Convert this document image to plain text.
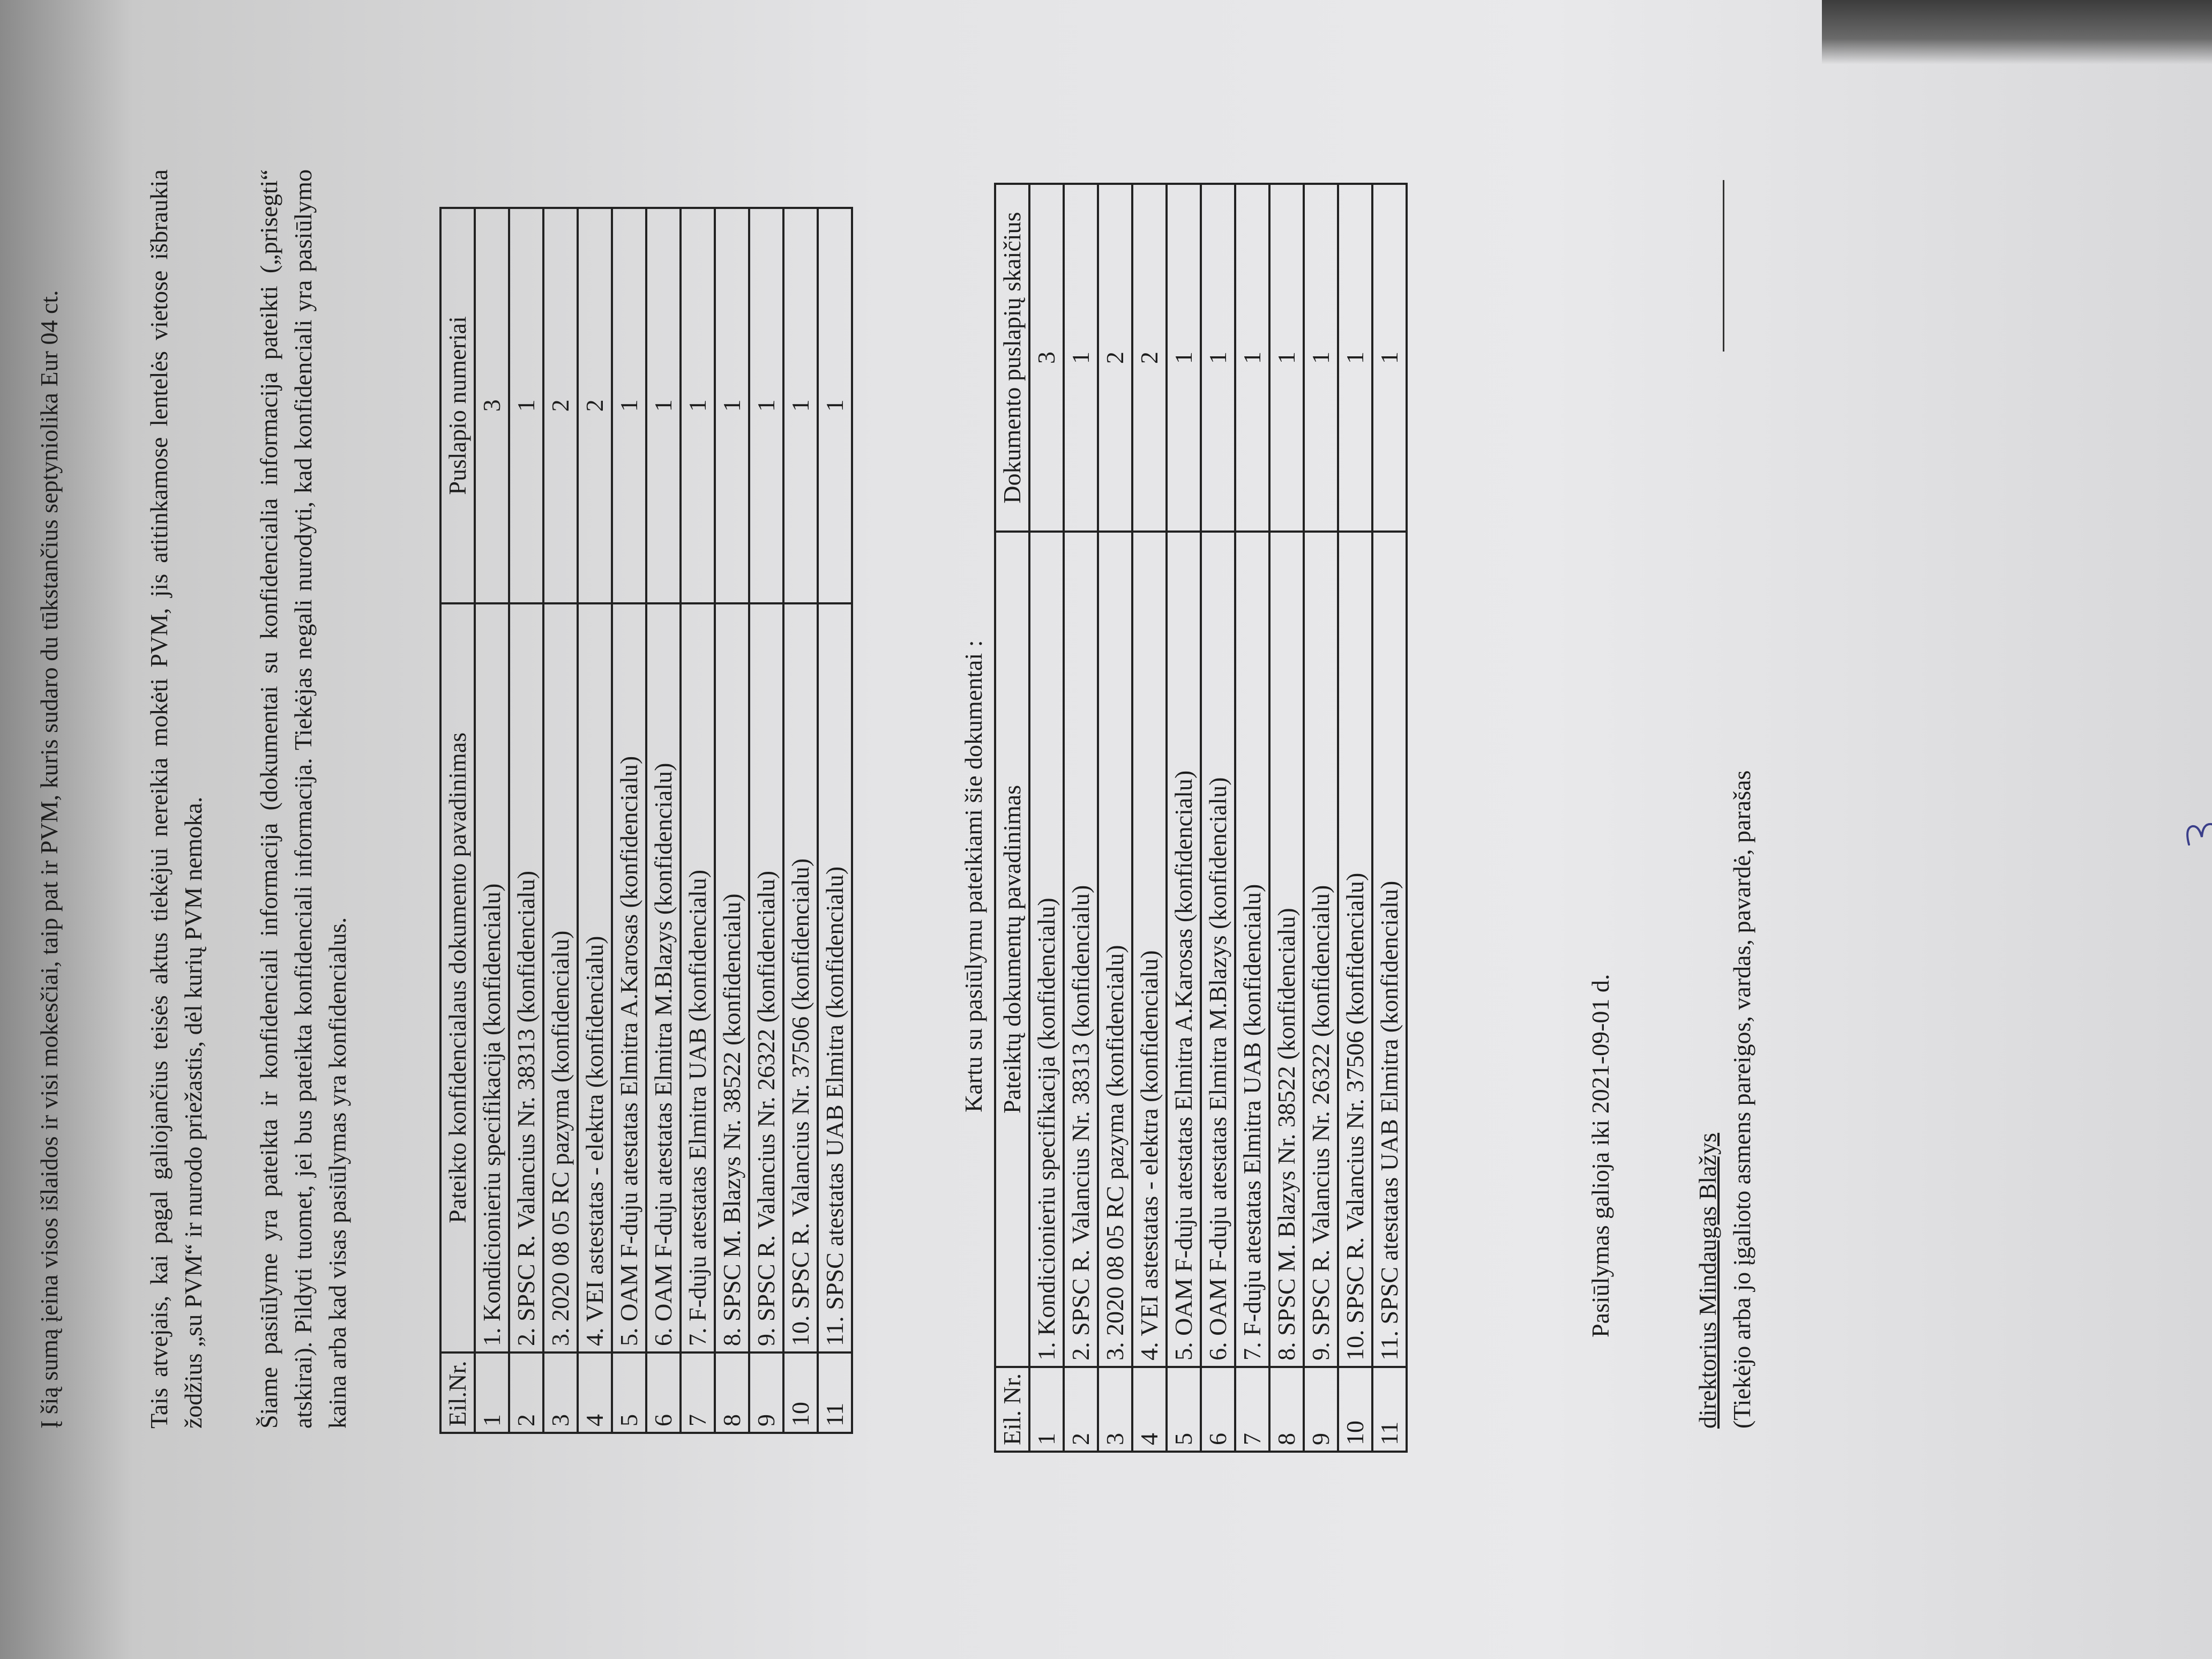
Į šią sumą įeina visos išlaidos ir visi mokesčiai, taip pat ir PVM, kuris sudaro du tūkstančius septyniolika Eur 04 ct.	Tais atvejais, kai pagal galiojančius teisės aktus tiekėjui nereikia mokėti PVM, jis atitinkamose lentelės vietose išbraukia žodžius „su PVM“ ir nurodo priežastis, dėl kurių PVM nemoka. Šiame pasiūlyme yra pateikta ir konfidenciali informacija (dokumentai su konfidencialia informacija pateikti („prisegti“ atskirai). Pildyti tuomet, jei bus pateikta konfidenciali informacija. Tiekėjas negali nurodyti, kad konfidenciali yra pasiūlymo kaina arba kad visas pasiūlymas yra konfidencialus.	Eil.Nr.	Pateikto konfidencialaus dokumento pavadinimas	Puslapio numeriai
1	1. Kondicionieriu specifikacija (konfidencialu)	3
2	2. SPSC R. Valancius Nr. 38313 (konfidencialu)	1
3	3. 2020 08 05 RC pazyma (konfidencialu)	2
4	4. VEI astestatas - elektra (konfidencialu)	2
5	5. OAM F-duju atestatas Elmitra A.Karosas (konfidencialu)	1
6	6. OAM F-duju atestatas Elmitra M.Blazys (konfidencialu)	1
7	7. F-duju atestatas Elmitra UAB (konfidencialu)	1
8	8. SPSC M. Blazys Nr. 38522 (konfidencialu)	1
9	9. SPSC R. Valancius Nr. 26322 (konfidencialu)	1
10	10. SPSC R. Valancius Nr. 37506 (konfidencialu)	1
11	11. SPSC atestatas UAB Elmitra (konfidencialu)	1
Kartu su pasiūlymu pateikiami šie dokumentai :
Eil. Nr.	Pateiktų dokumentų pavadinimas	Dokumento puslapių skaičius
1	1. Kondicionieriu specifikacija (konfidencialu)	3
2	2. SPSC R. Valancius Nr. 38313 (konfidencialu)	1
3	3. 2020 08 05 RC pazyma (konfidencialu)	2
4	4. VEI astestatas - elektra (konfidencialu)	2
5	5. OAM F-duju atestatas Elmitra A.Karosas (konfidencialu)	1
6	6. OAM F-duju atestatas Elmitra M.Blazys (konfidencialu)	1
7	7. F-duju atestatas Elmitra UAB (konfidencialu)	1
8	8. SPSC M. Blazys Nr. 38522 (konfidencialu)	1
9	9. SPSC R. Valancius Nr. 26322 (konfidencialu)	1
10	10. SPSC R. Valancius Nr. 37506 (konfidencialu)	1
11	11. SPSC atestatas UAB Elmitra (konfidencialu)	1
Pasiūlymas galioja iki 2021-09-01 d.	direktorius Mindaugas Blažys (Tiekėjo arba jo įgalioto asmens pareigos, vardas, pavardė, parašas
